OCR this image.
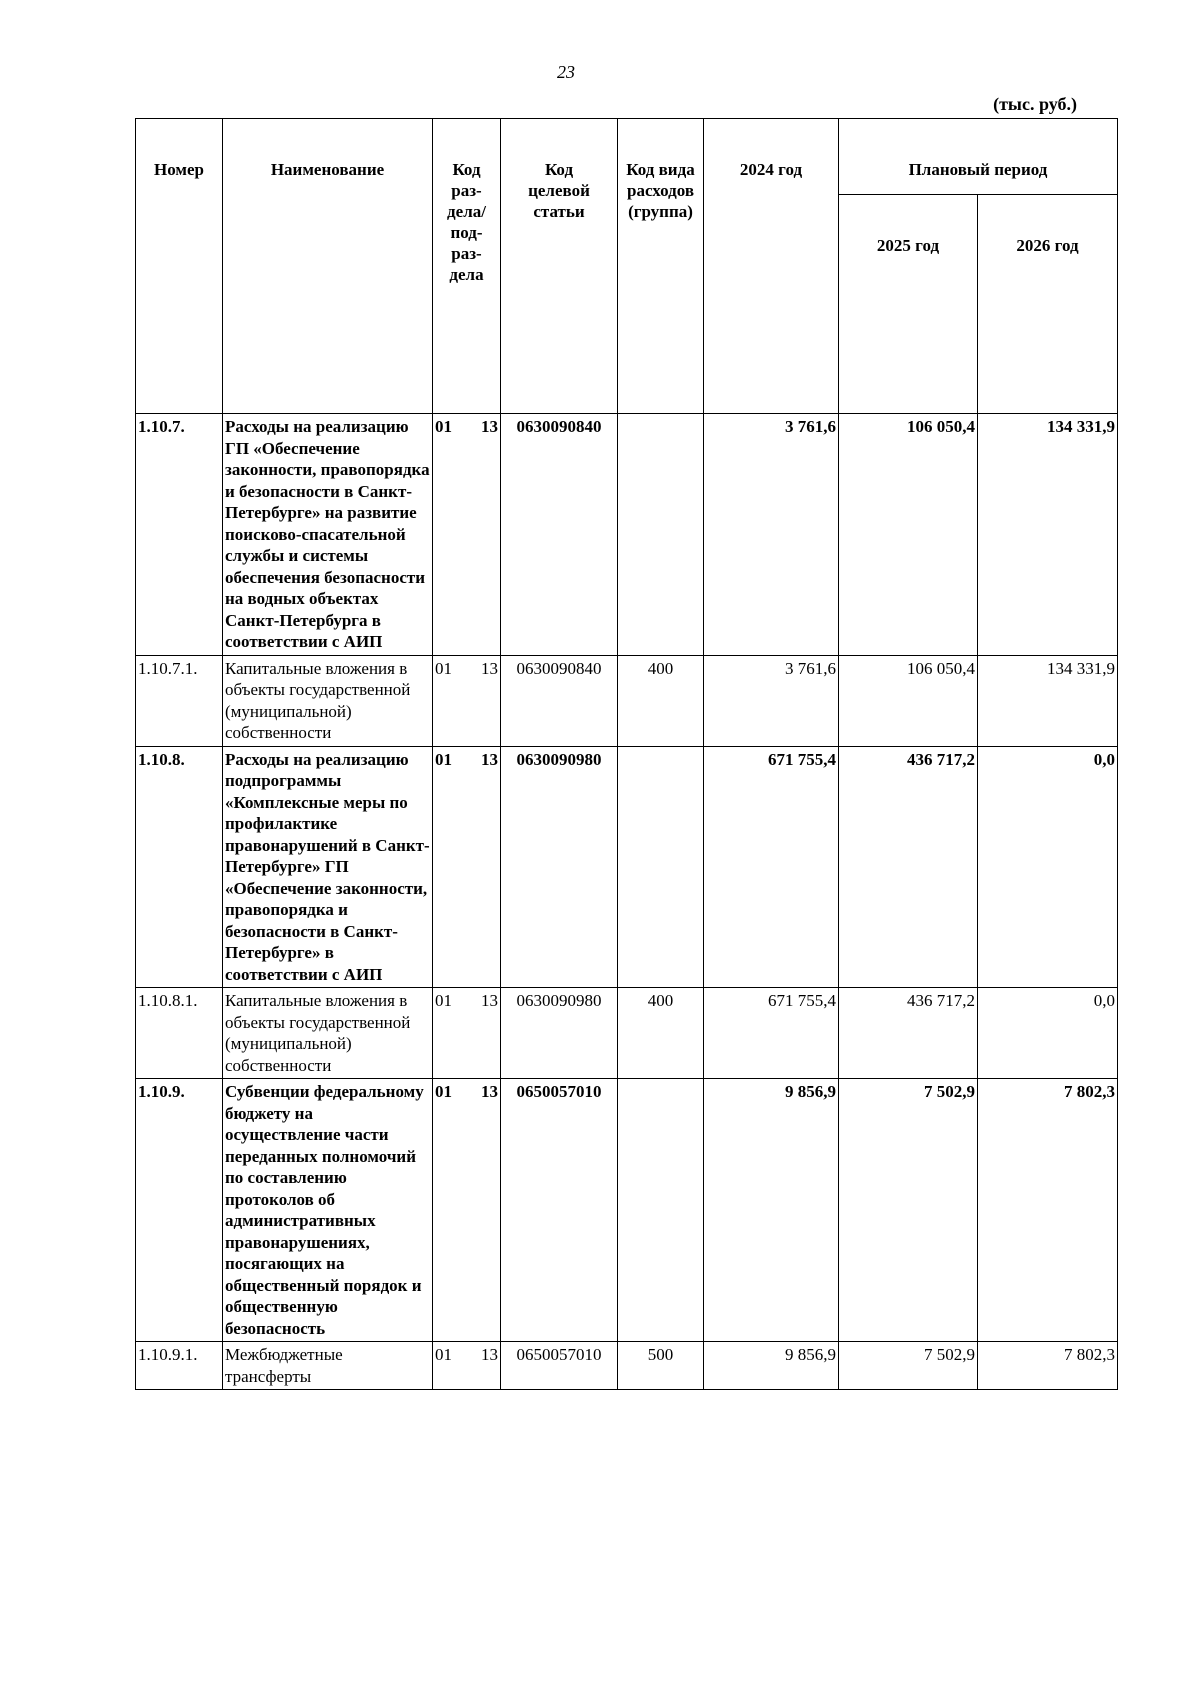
23
(тыс. руб.)
Номер	Наименование	Код раз-дела/ под-раз-дела	Код целевой статьи	Код вида расходов (группа)	2024 год	Плановый период	
						2025 год	2026 год
1.10.7.	Расходы на реализацию ГП «Обеспечение законности, правопорядка и безопасности в Санкт-Петербурге» на развитие поисково-спасательной службы и системы обеспечения безопасности на водных объектах Санкт-Петербурга в соответствии с АИП	01 13	0630090840		3 761,6	106 050,4	134 331,9
1.10.7.1.	Капитальные вложения в объекты государственной (муниципальной) собственности	01 13	0630090840	400	3 761,6	106 050,4	134 331,9
1.10.8.	Расходы на реализацию подпрограммы «Комплексные меры по профилактике правонарушений в Санкт-Петербурге» ГП «Обеспечение законности, правопорядка и безопасности в Санкт-Петербурге» в соответствии с АИП	01 13	0630090980		671 755,4	436 717,2	0,0
1.10.8.1.	Капитальные вложения в объекты государственной (муниципальной) собственности	01 13	0630090980	400	671 755,4	436 717,2	0,0
1.10.9.	Субвенции федеральному бюджету на осуществление части переданных полномочий по составлению протоколов об административных правонарушениях, посягающих на общественный порядок и общественную безопасность	01 13	0650057010		9 856,9	7 502,9	7 802,3
1.10.9.1.	Межбюджетные трансферты	01 13	0650057010	500	9 856,9	7 502,9	7 802,3
